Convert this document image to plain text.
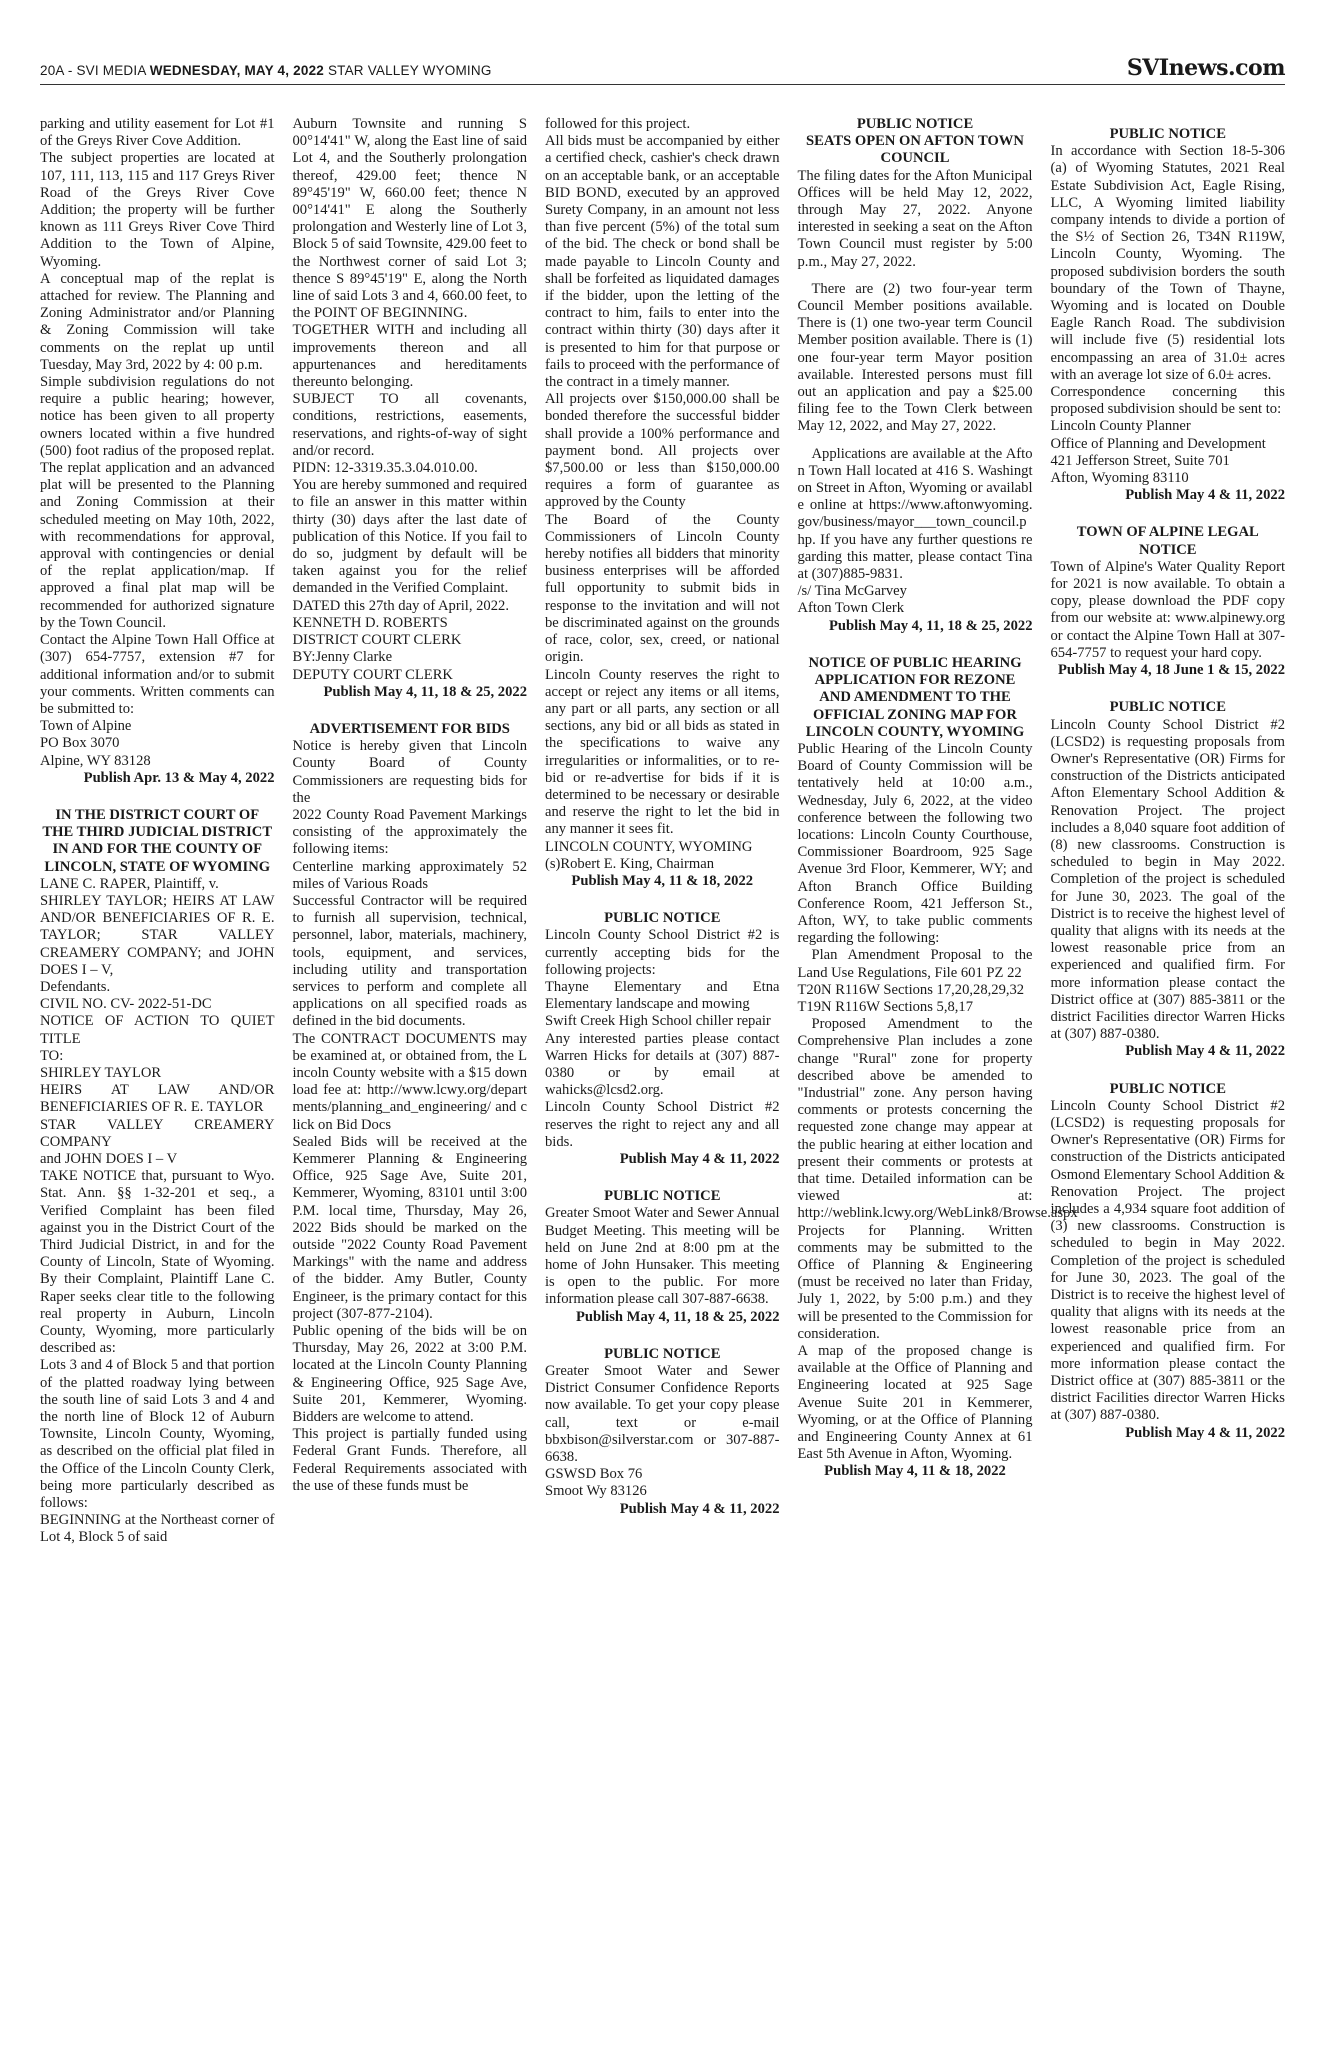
20A - SVI MEDIA WEDNESDAY, MAY 4, 2022 STAR VALLEY WYOMING	SVInews.com

parking and utility easement for Lot #1 of the Greys River Cove Addition.

The subject properties are located at 107, 111, 113, 115 and 117 Greys River Road of the Greys River Cove Addition; the property will be further known as 111 Greys River Cove Third Addition to the Town of Alpine, Wyoming.

A conceptual map of the replat is attached for review. The Planning and Zoning Administrator and/or Planning & Zoning Commission will take comments on the replat up until Tuesday, May 3rd, 2022 by 4: 00 p.m.

Simple subdivision regulations do not require a public hearing; however, notice has been given to all property owners located within a five hundred (500) foot radius of the proposed replat. The replat application and an advanced plat will be presented to the Planning and Zoning Commission at their scheduled meeting on May 10th, 2022, with recommendations for approval, approval with contingencies or denial of the replat application/map. If approved a final plat map will be recommended for authorized signature by the Town Council.

Contact the Alpine Town Hall Office at (307) 654-7757, extension #7 for additional information and/or to submit your comments. Written comments can be submitted to:

Town of Alpine

PO Box 3070

Alpine, WY 83128

Publish Apr. 13 & May 4, 2022

IN THE DISTRICT COURT OF THE THIRD JUDICIAL DISTRICT

IN AND FOR THE COUNTY OF LINCOLN, STATE OF WYOMING

LANE C. RAPER, Plaintiff, v.

SHIRLEY TAYLOR; HEIRS AT LAW AND/OR BENEFICIARIES OF R. E. TAYLOR; STAR VALLEY CREAMERY COMPANY; and JOHN DOES I – V,

Defendants.

CIVIL NO. CV- 2022-51-DC

NOTICE OF ACTION TO QUIET TITLE

TO:

SHIRLEY TAYLOR

HEIRS AT LAW AND/OR BENEFICIARIES OF R. E. TAYLOR

STAR VALLEY CREAMERY COMPANY

and JOHN DOES I – V

TAKE NOTICE that, pursuant to Wyo. Stat. Ann. §§ 1-32-201 et seq., a Verified Complaint has been filed against you in the District Court of the Third Judicial District, in and for the County of Lincoln, State of Wyoming. By their Complaint, Plaintiff Lane C. Raper seeks clear title to the following real property in Auburn, Lincoln County, Wyoming, more particularly described as:

Lots 3 and 4 of Block 5 and that portion of the platted roadway lying between the south line of said Lots 3 and 4 and the north line of Block 12 of Auburn Townsite, Lincoln County, Wyoming, as described on the official plat filed in the Office of the Lincoln County Clerk, being more particularly described as follows:

BEGINNING at the Northeast corner of Lot 4, Block 5 of said

Auburn Townsite and running S 00°14'41" W, along the East line of said Lot 4, and the Southerly prolongation thereof, 429.00 feet; thence N 89°45'19" W, 660.00 feet; thence N 00°14'41" E along the Southerly prolongation and Westerly line of Lot 3, Block 5 of said Townsite, 429.00 feet to the Northwest corner of said Lot 3; thence S 89°45'19" E, along the North line of said Lots 3 and 4, 660.00 feet, to the POINT OF BEGINNING.

TOGETHER WITH and including all improvements thereon and all appurtenances and hereditaments thereunto belonging.

SUBJECT TO all covenants, conditions, restrictions, easements, reservations, and rights-of-way of sight and/or record.

PIDN: 12-3319.35.3.04.010.00.

You are hereby summoned and required to file an answer in this matter within thirty (30) days after the last date of publication of this Notice. If you fail to do so, judgment by default will be taken against you for the relief demanded in the Verified Complaint.

DATED this 27th day of April, 2022.

KENNETH D. ROBERTS

DISTRICT COURT CLERK

BY:Jenny Clarke

DEPUTY COURT CLERK

Publish May 4, 11, 18 & 25, 2022

ADVERTISEMENT FOR BIDS

Notice is hereby given that Lincoln County Board of County Commissioners are requesting bids for the

2022 County Road Pavement Markings consisting of the approximately the following items:

Centerline marking approximately 52 miles of Various Roads

Successful Contractor will be required to furnish all supervision, technical, personnel, labor, materials, machinery, tools, equipment, and services, including utility and transportation services to perform and complete all applications on all specified roads as defined in the bid documents.

The CONTRACT DOCUMENTS may be examined at, or obtained from, the Lincoln County website with a $15 download fee at: http://www.lcwy.org/departments/planning_and_engineering/ and click on Bid Docs

Sealed Bids will be received at the Kemmerer Planning & Engineering Office, 925 Sage Ave, Suite 201, Kemmerer, Wyoming, 83101 until 3:00 P.M. local time, Thursday, May 26, 2022 Bids should be marked on the outside "2022 County Road Pavement Markings" with the name and address of the bidder. Amy Butler, County Engineer, is the primary contact for this project (307-877-2104).

Public opening of the bids will be on Thursday, May 26, 2022 at 3:00 P.M. located at the Lincoln County Planning & Engineering Office, 925 Sage Ave, Suite 201, Kemmerer, Wyoming. Bidders are welcome to attend.

This project is partially funded using Federal Grant Funds. Therefore, all Federal Requirements associated with the use of these funds must be

followed for this project.

All bids must be accompanied by either a certified check, cashier's check drawn on an acceptable bank, or an acceptable BID BOND, executed by an approved Surety Company, in an amount not less than five percent (5%) of the total sum of the bid. The check or bond shall be made payable to Lincoln County and shall be forfeited as liquidated damages if the bidder, upon the letting of the contract to him, fails to enter into the contract within thirty (30) days after it is presented to him for that purpose or fails to proceed with the performance of the contract in a timely manner.

All projects over $150,000.00 shall be bonded therefore the successful bidder shall provide a 100% performance and payment bond. All projects over $7,500.00 or less than $150,000.00 requires a form of guarantee as approved by the County

The Board of the County Commissioners of Lincoln County hereby notifies all bidders that minority business enterprises will be afforded full opportunity to submit bids in response to the invitation and will not be discriminated against on the grounds of race, color, sex, creed, or national origin.

Lincoln County reserves the right to accept or reject any items or all items, any part or all parts, any section or all sections, any bid or all bids as stated in the specifications to waive any irregularities or informalities, or to re-bid or re-advertise for bids if it is determined to be necessary or desirable and reserve the right to let the bid in any manner it sees fit.

LINCOLN COUNTY, WYOMING

(s)Robert E. King, Chairman

Publish May 4, 11 & 18, 2022

PUBLIC NOTICE

Lincoln County School District #2 is currently accepting bids for the following projects:

Thayne Elementary and Etna Elementary landscape and mowing

Swift Creek High School chiller repair

Any interested parties please contact Warren Hicks for details at (307) 887-0380 or by email at wahicks@lcsd2.org.

Lincoln County School District #2 reserves the right to reject any and all bids.

Publish May 4 & 11, 2022

PUBLIC NOTICE

Greater Smoot Water and Sewer Annual Budget Meeting. This meeting will be held on June 2nd at 8:00 pm at the home of John Hunsaker. This meeting is open to the public. For more information please call 307-887-6638.

Publish May 4, 11, 18 & 25, 2022

PUBLIC NOTICE

Greater Smoot Water and Sewer District Consumer Confidence Reports now available. To get your copy please call, text or e-mail bbxbison@silverstar.com or 307-887-6638.

GSWSD Box 76

Smoot Wy 83126

Publish May 4 & 11, 2022

PUBLIC NOTICE

SEATS OPEN ON AFTON TOWN COUNCIL

The filing dates for the Afton Municipal Offices will be held May 12, 2022, through May 27, 2022. Anyone interested in seeking a seat on the Afton Town Council must register by 5:00 p.m., May 27, 2022.

There are (2) two four-year term Council Member positions available. There is (1) one two-year term Council Member position available. There is (1) one four-year term Mayor position available. Interested persons must fill out an application and pay a $25.00 filing fee to the Town Clerk between May 12, 2022, and May 27, 2022.

Applications are available at the Afton Town Hall located at 416 S. Washington Street in Afton, Wyoming or available online at https://www.aftonwyoming.gov/business/mayor___town_council.php. If you have any further questions regarding this matter, please contact Tina at (307)885-9831.

/s/ Tina McGarvey

Afton Town Clerk

Publish May 4, 11, 18 & 25, 2022

NOTICE OF PUBLIC HEARING APPLICATION FOR REZONE AND AMENDMENT TO THE OFFICIAL ZONING MAP FOR LINCOLN COUNTY, WYOMING

Public Hearing of the Lincoln County Board of County Commission will be tentatively held at 10:00 a.m., Wednesday, July 6, 2022, at the video conference between the following two locations: Lincoln County Courthouse, Commissioner Boardroom, 925 Sage Avenue 3rd Floor, Kemmerer, WY; and Afton Branch Office Building Conference Room, 421 Jefferson St., Afton, WY, to take public comments regarding the following:

Plan Amendment Proposal to the Land Use Regulations, File 601 PZ 22

T20N R116W Sections 17,20,28,29,32

T19N R116W Sections 5,8,17

Proposed Amendment to the Comprehensive Plan includes a zone change "Rural" zone for property described above be amended to "Industrial" zone. Any person having comments or protests concerning the requested zone change may appear at the public hearing at either location and present their comments or protests at that time. Detailed information can be viewed at: http://weblink.lcwy.org/WebLink8/Browse.aspx Projects for Planning. Written comments may be submitted to the Office of Planning & Engineering (must be received no later than Friday, July 1, 2022, by 5:00 p.m.) and they will be presented to the Commission for consideration.

A map of the proposed change is available at the Office of Planning and Engineering located at 925 Sage Avenue Suite 201 in Kemmerer, Wyoming, or at the Office of Planning and Engineering County Annex at 61 East 5th Avenue in Afton, Wyoming.

Publish May 4, 11 & 18, 2022

PUBLIC NOTICE

In accordance with Section 18-5-306 (a) of Wyoming Statutes, 2021 Real Estate Subdivision Act, Eagle Rising, LLC, A Wyoming limited liability company intends to divide a portion of the S½ of Section 26, T34N R119W, Lincoln County, Wyoming. The proposed subdivision borders the south boundary of the Town of Thayne, Wyoming and is located on Double Eagle Ranch Road. The subdivision will include five (5) residential lots encompassing an area of 31.0± acres with an average lot size of 6.0± acres.

Correspondence concerning this proposed subdivision should be sent to:

Lincoln County Planner

Office of Planning and Development

421 Jefferson Street, Suite 701

Afton, Wyoming 83110

Publish May 4 & 11, 2022

TOWN OF ALPINE LEGAL NOTICE

Town of Alpine's Water Quality Report for 2021 is now available. To obtain a copy, please download the PDF copy from our website at: www.alpinewy.org or contact the Alpine Town Hall at 307-654-7757 to request your hard copy.

Publish May 4, 18 June 1 & 15, 2022

PUBLIC NOTICE

Lincoln County School District #2 (LCSD2) is requesting proposals from Owner's Representative (OR) Firms for construction of the Districts anticipated Afton Elementary School Addition & Renovation Project. The project includes a 8,040 square foot addition of (8) new classrooms. Construction is scheduled to begin in May 2022. Completion of the project is scheduled for June 30, 2023. The goal of the District is to receive the highest level of quality that aligns with its needs at the lowest reasonable price from an experienced and qualified firm. For more information please contact the District office at (307) 885-3811 or the district Facilities director Warren Hicks at (307) 887-0380.

Publish May 4 & 11, 2022

PUBLIC NOTICE

Lincoln County School District #2 (LCSD2) is requesting proposals for Owner's Representative (OR) Firms for construction of the Districts anticipated Osmond Elementary School Addition & Renovation Project. The project includes a 4,934 square foot addition of (3) new classrooms. Construction is scheduled to begin in May 2022. Completion of the project is scheduled for June 30, 2023. The goal of the District is to receive the highest level of quality that aligns with its needs at the lowest reasonable price from an experienced and qualified firm. For more information please contact the District office at (307) 885-3811 or the district Facilities director Warren Hicks at (307) 887-0380.

Publish May 4 & 11, 2022
